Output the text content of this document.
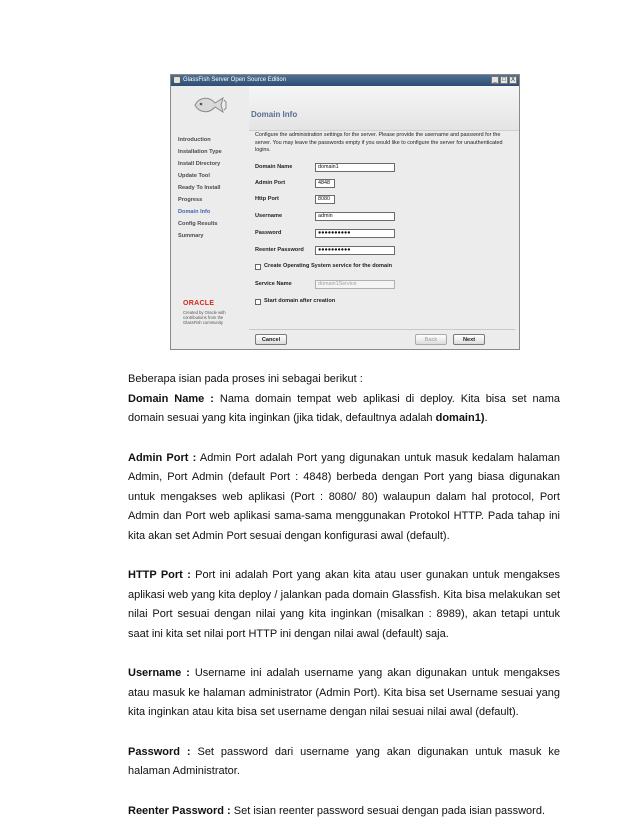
GlassFish Server Open Source Edition	_ □ X
Introduction
Installation Type
Install Directory
Update Tool
Ready To Install
Progress
Domain Info
Config Results
Summary
ORACLE
Created by Oracle with contributions from the GlassFish community
Domain Info
Configure the administration settings for the server. Please provide the username and password for the server. You may leave the passwords empty if you would like to configure the server for unauthenticated logins.
Domain Name	domain1
Admin Port	4848
Http Port	8080
Username	admin
Password	●●●●●●●●●●
Reenter Password	●●●●●●●●●●
Create Operating System service for the domain
Service Name	domain1Service
Start domain after creation
Cancel	Back	Next

Beberapa isian pada proses ini sebagai berikut :

Domain Name : Nama domain tempat web aplikasi di deploy. Kita bisa set nama domain sesuai yang kita inginkan (jika tidak, defaultnya adalah domain1).

Admin Port : Admin Port adalah Port yang digunakan untuk masuk kedalam halaman Admin, Port Admin (default Port : 4848) berbeda dengan Port yang biasa digunakan untuk mengakses web aplikasi (Port : 8080/ 80) walaupun dalam hal protocol, Port Admin dan Port web aplikasi sama-sama menggunakan Protokol HTTP. Pada tahap ini kita akan set Admin Port sesuai dengan konfigurasi awal (default).

HTTP Port : Port ini adalah Port yang akan kita atau user gunakan untuk mengakses aplikasi web yang kita deploy / jalankan pada domain Glassfish. Kita bisa melakukan set nilai Port sesuai dengan nilai yang kita inginkan (misalkan : 8989), akan tetapi untuk saat ini kita set nilai port HTTP ini dengan nilai awal (default) saja.

Username : Username ini adalah username yang akan digunakan untuk mengakses atau masuk ke halaman administrator (Admin Port). Kita bisa set Username sesuai yang kita inginkan atau kita bisa set username dengan nilai sesuai nilai awal (default).

Password : Set password dari username yang akan digunakan untuk masuk ke halaman Administrator.

Reenter Password : Set isian reenter password sesuai dengan pada isian password.
